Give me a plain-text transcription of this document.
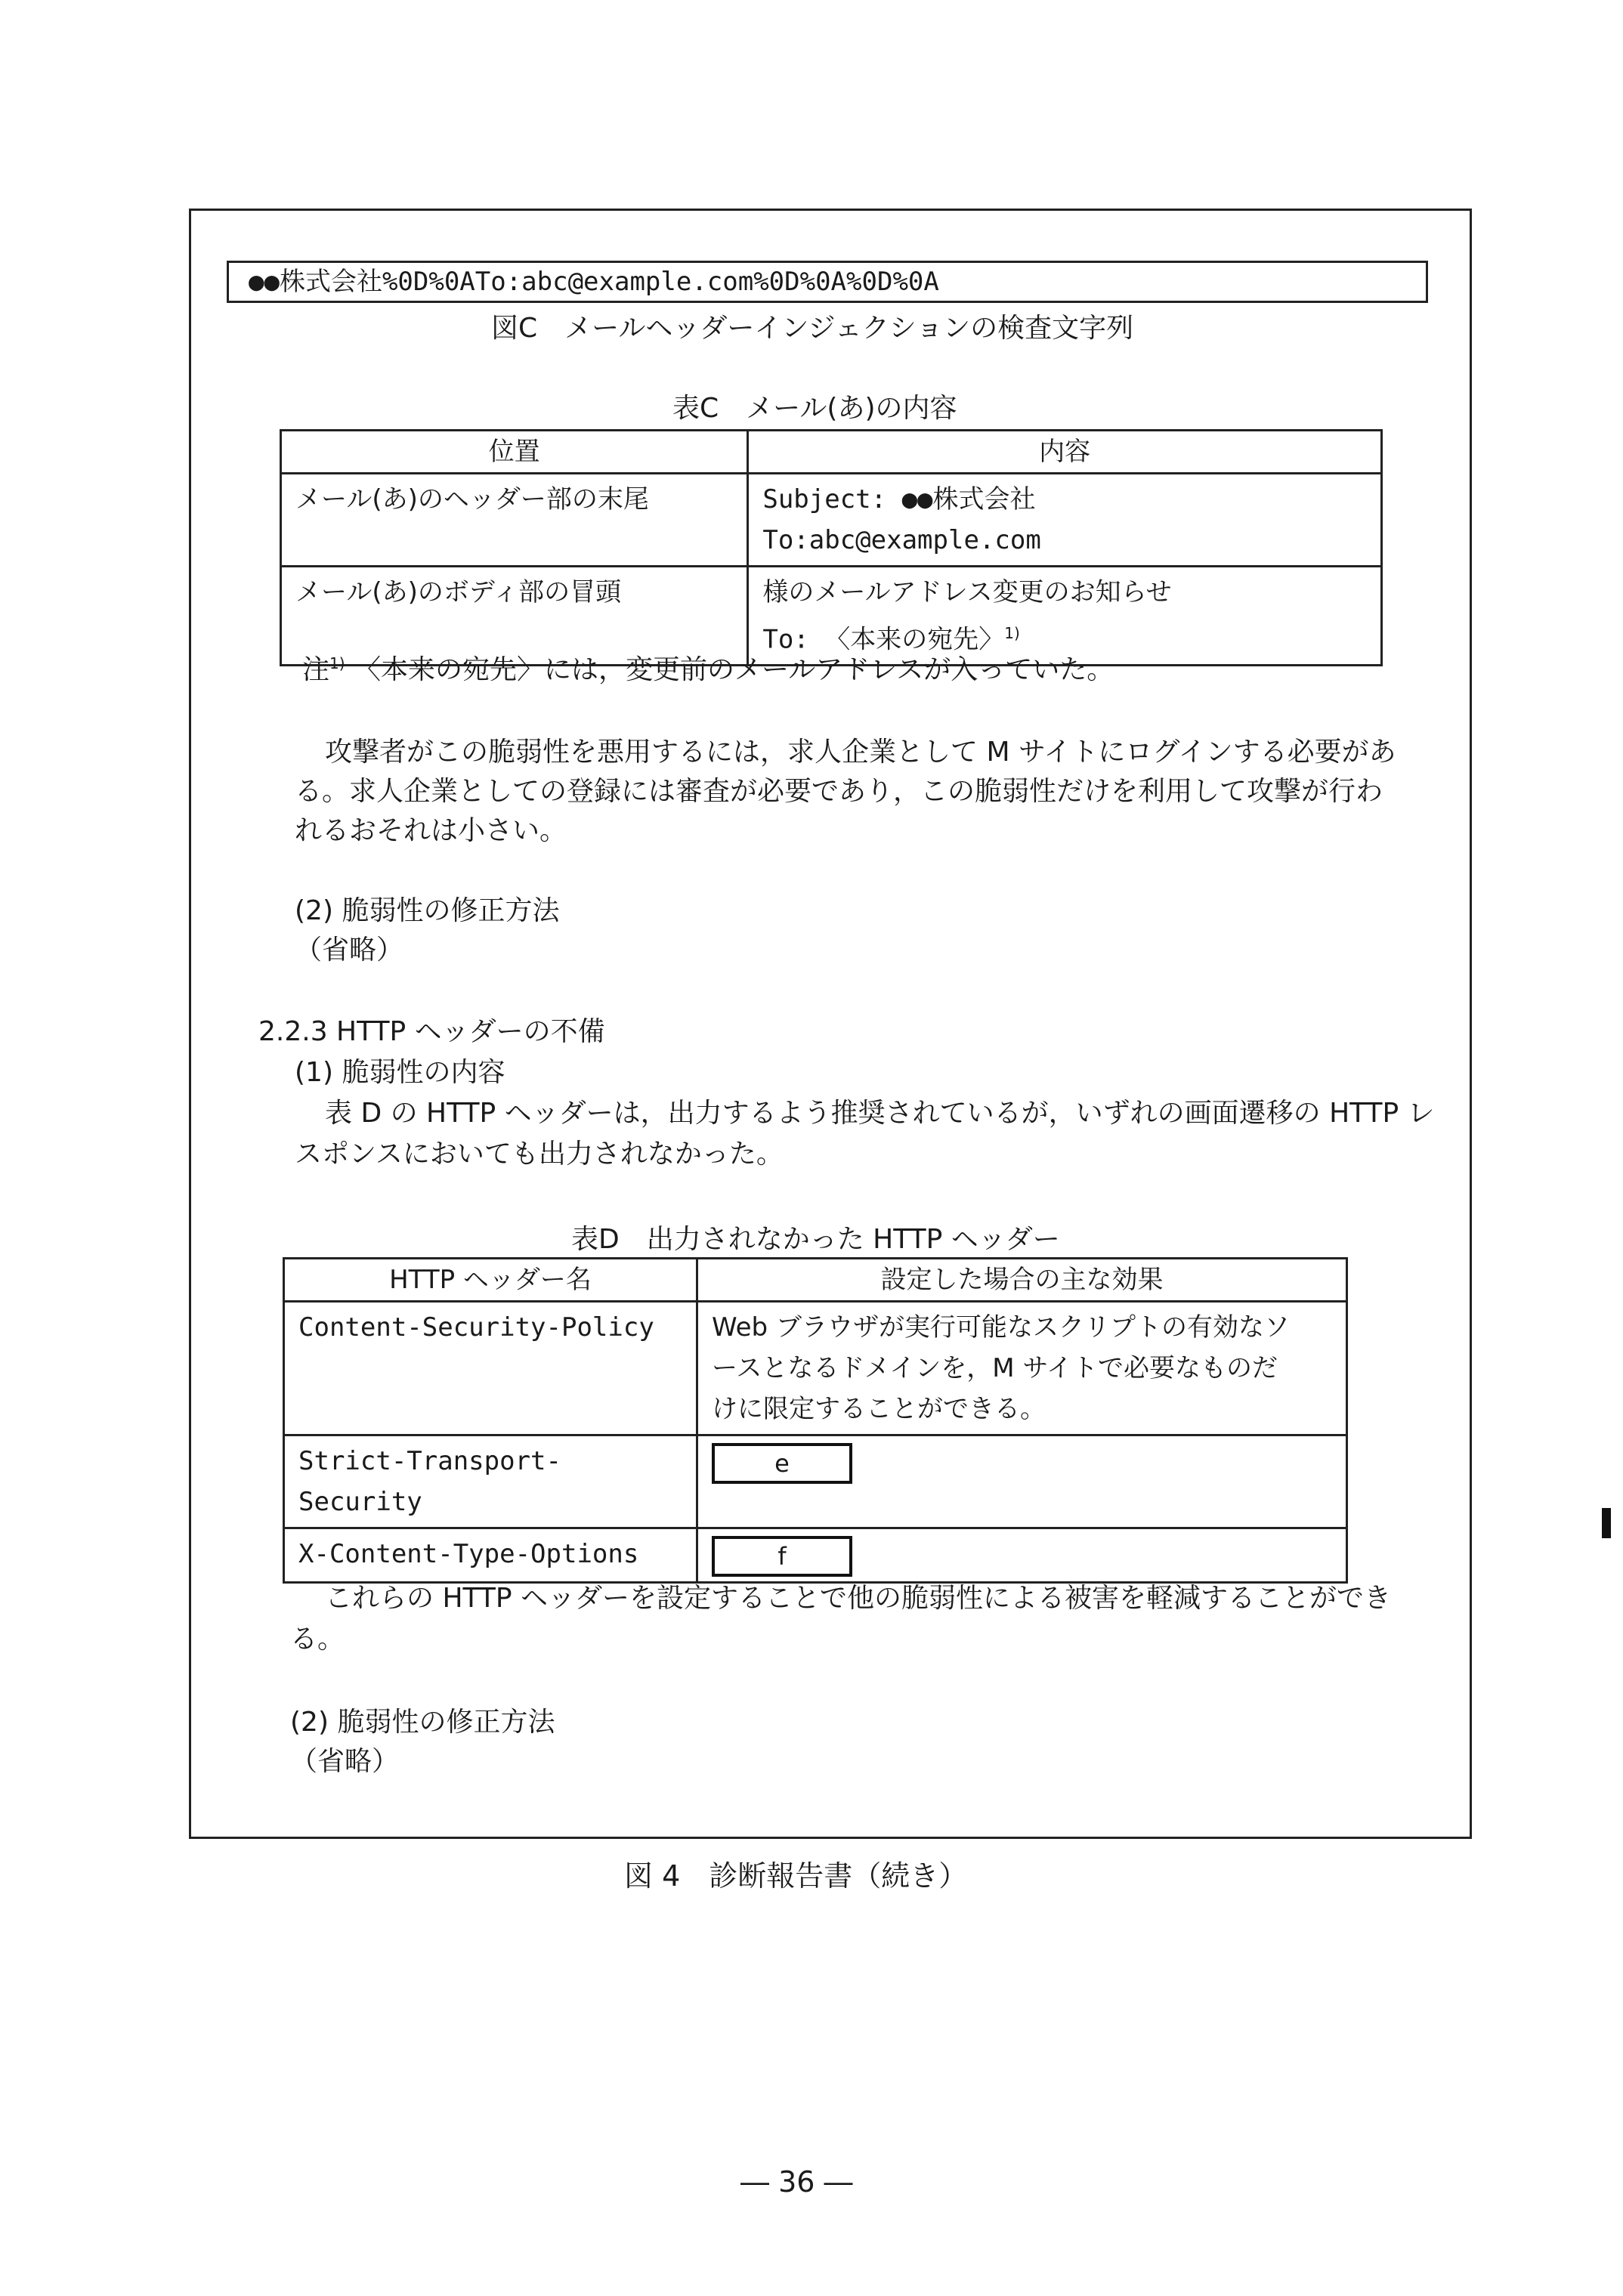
●●株式会社%0D%0ATo:abc@example.com%0D%0A%0D%0A
図C　メールヘッダーインジェクションの検査文字列
表C　メール(あ)の内容
位置	内容
メール(あ)のヘッダー部の末尾	Subject: ●●株式会社
To:abc@example.com

メール(あ)のボディ部の冒頭	様のメールアドレス変更のお知らせ
To: 〈本来の宛先〉$^{1)}$
注$^{1)}$ 〈本来の宛先〉には，変更前のメールアドレスが入っていた。
攻撃者がこの脆弱性を悪用するには，求人企業として M サイトにログインする必要があ
る。求人企業としての登録には審査が必要であり，この脆弱性だけを利用して攻撃が行わ
れるおそれは小さい。
(2) 脆弱性の修正方法
（省略）
2.2.3 HTTP ヘッダーの不備
(1) 脆弱性の内容
表 D の HTTP ヘッダーは，出力するよう推奨されているが，いずれの画面遷移の HTTP レ
スポンスにおいても出力されなかった。
表D　出力されなかった HTTP ヘッダー
HTTP ヘッダー名	設定した場合の主な効果
Content-Security-Policy	Web ブラウザが実行可能なスクリプトの有効なソ
ースとなるドメインを，M サイトで必要なものだ
けに限定することができる。

Strict-Transport-Security	e
X-Content-Type-Options	f
これらの HTTP ヘッダーを設定することで他の脆弱性による被害を軽減することができ
る。
(2) 脆弱性の修正方法
（省略）
図 4　診断報告書（続き）
― 36 ―
